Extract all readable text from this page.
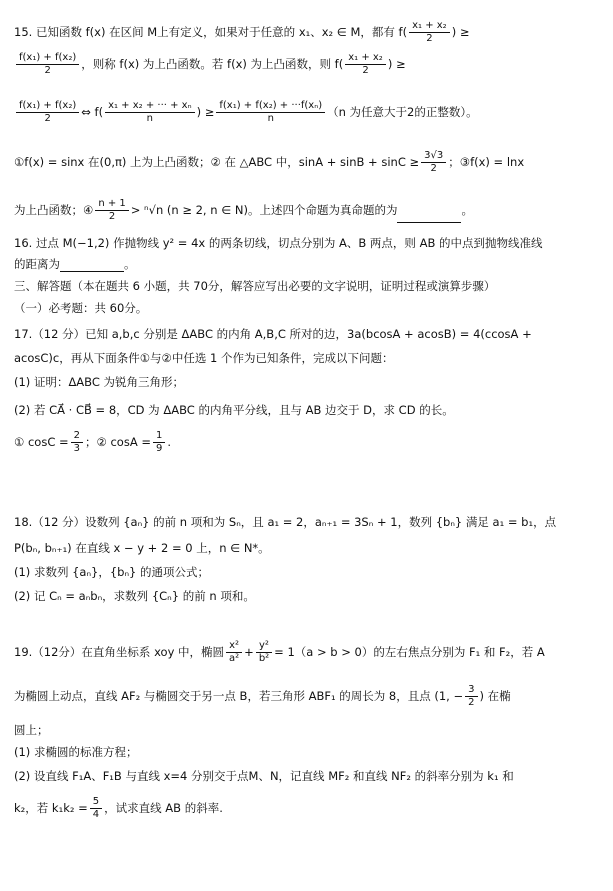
15. 已知函数 f(x) 在区间 M上有定义，如果对于任意的 x₁、x₂ ∈ M，都有 $f( \frac{\text{x₁ + x₂}}{2}$ ) ≥
$\frac{\text{f(x₁) + f(x₂)}}{2}$ ，则称 f(x) 为上凸函数。若 f(x) 为上凸函数，则 $f( \frac{\text{x₁ + x₂}}{2}$ ) ≥
$\frac{\text{f(x₁) + f(x₂)}}{2}$ ⇔ $f( \frac{\text{x₁ + x₂ + ··· + xₙ}}{n}$ ) ≥ $\frac{\text{f(x₁) + f(x₂) + ···f(xₙ)}}{n} (n$ 为任意大于2的正整数）。
①f(x) = sinx 在(0,π) 上为上凸函数；② 在 △ABC 中，$\sin A + \sin B + \sin C \ge \frac{3√3}{2}$ ；③f(x) = lnx
为上凸函数；④ $\frac{n + 1}{2} > ^n√n$ (n ≥ 2, n ∈ N)。上述四个命题为真命题的为	。
16. 过点 M(−1,2) 作抛物线 y² = 4x 的两条切线，切点分别为 A、B 两点，则 AB 的中点到抛物线准线
的距离为	。
三、解答题（本在题共 6 小题，共 70分，解答应写出必要的文字说明，证明过程或演算步骤）
（一）必考题：共 60分。
17.（12 分）已知 a,b,c 分别是 ΔABC 的内角 A,B,C 所对的边，3a(bcosA + acosB) = 4(ccosA +
acosC)c，再从下面条件①与②中任选 1 个作为已知条件，完成以下问题：
(1) 证明：ΔABC 为锐角三角形；
(2) 若 CA⃗ · CB⃗ = 8，CD 为 ΔABC 的内角平分线，且与 AB 边交于 D，求 CD 的长。
① $\cos C = \frac{2}{3}$ ；② $\cos A = \frac{1}{9}$ .
18.（12 分）设数列 {aₙ} 的前 n 项和为 Sₙ，且 a₁ = 2，aₙ₊₁ = 3Sₙ + 1，数列 {bₙ} 满足 a₁ = b₁，点
P(bₙ, bₙ₊₁) 在直线 x − y + 2 = 0 上，n ∈ N*。
(1) 求数列 {aₙ}，{bₙ} 的通项公式；
(2) 记 Cₙ = aₙbₙ，求数列 {Cₙ} 的前 n 项和。
19.（12分）在直角坐标系 xoy 中，椭圆 $\frac{\text{x²}}{\text{a²}} + \frac{\text{y²}}{\text{b²}} = 1(a > b > 0)$的左右焦点分别为 F₁ 和 F₂，若 A
为椭圆上动点，直线 AF₂ 与椭圆交于另一点 B，若三角形 ABF₁ 的周长为 8，且点 (1, − $\frac{3}{2}$ ) 在椭
圆上；
(1) 求椭圆的标准方程；
(2) 设直线 F₁A、F₁B 与直线 x=4 分别交于点M、N，记直线 MF₂ 和直线 NF₂ 的斜率分别为 k₁ 和
k₂，若 $k_1k_2 = \frac{5}{4}$ ，试求直线 AB 的斜率.
